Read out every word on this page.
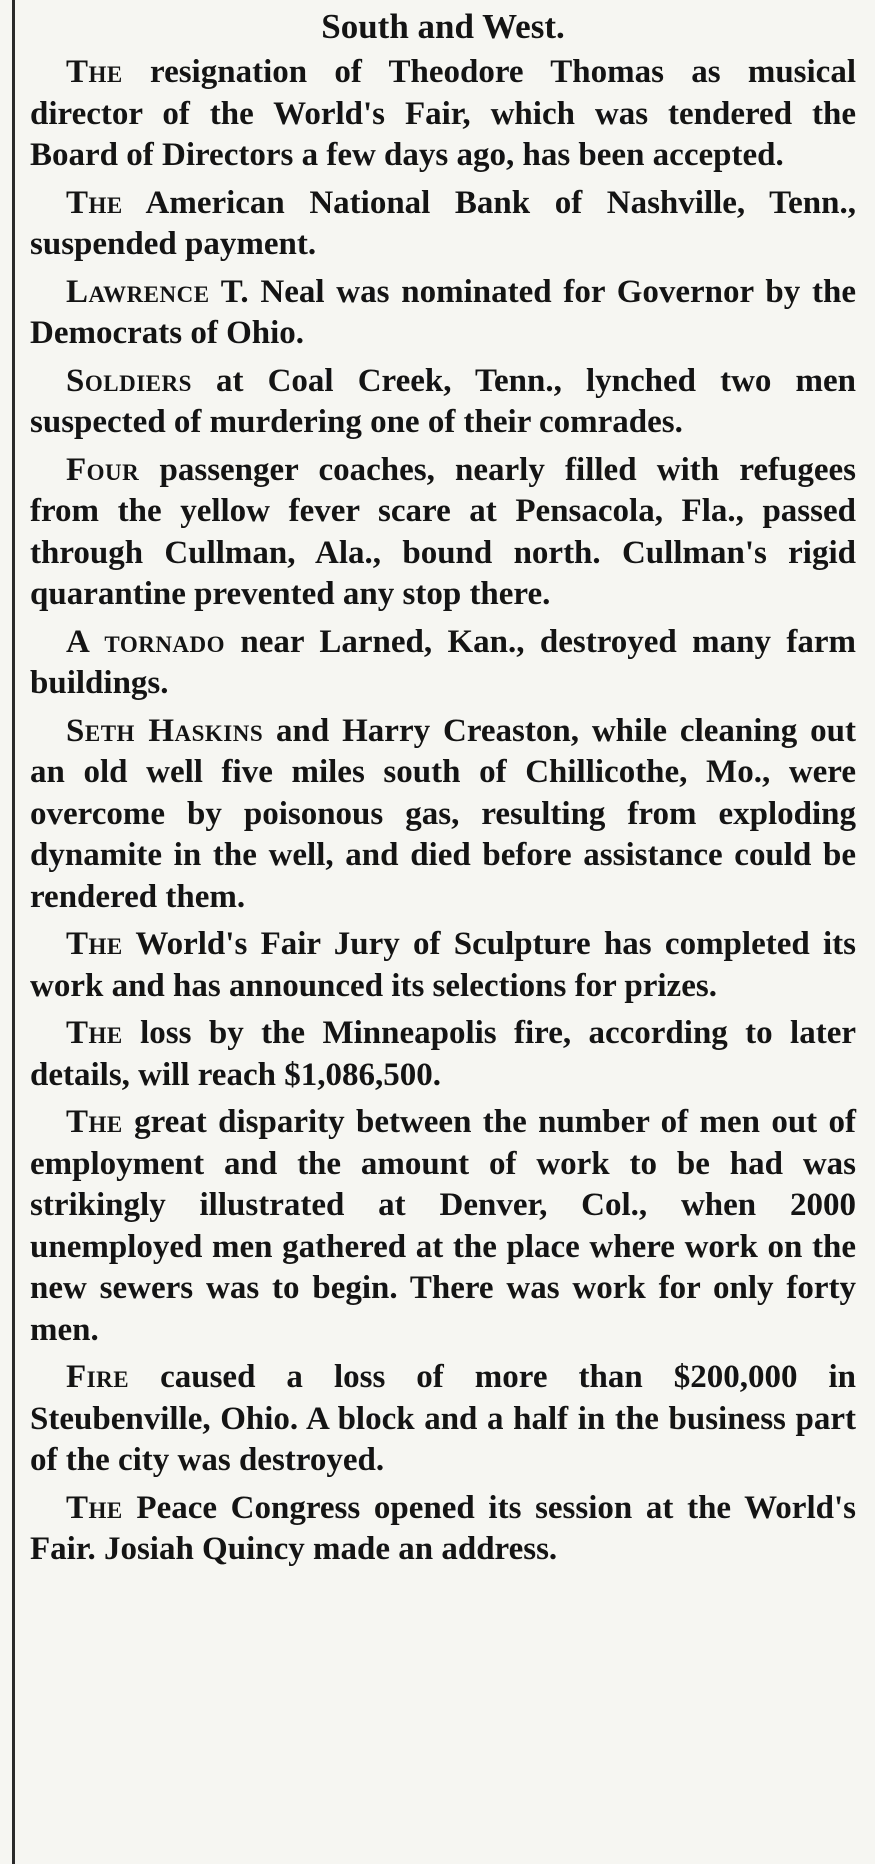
South and West.

The resignation of Theodore Thomas as musical director of the World's Fair, which was tendered the Board of Directors a few days ago, has been accepted.

The American National Bank of Nashville, Tenn., suspended payment.

Lawrence T. Neal was nominated for Governor by the Democrats of Ohio.

Soldiers at Coal Creek, Tenn., lynched two men suspected of murdering one of their comrades.

Four passenger coaches, nearly filled with refugees from the yellow fever scare at Pensacola, Fla., passed through Cullman, Ala., bound north. Cullman's rigid quarantine prevented any stop there.

A tornado near Larned, Kan., destroyed many farm buildings.

Seth Haskins and Harry Creaston, while cleaning out an old well five miles south of Chillicothe, Mo., were overcome by poisonous gas, resulting from exploding dynamite in the well, and died before assistance could be rendered them.

The World's Fair Jury of Sculpture has completed its work and has announced its selections for prizes.

The loss by the Minneapolis fire, according to later details, will reach $1,086,500.

The great disparity between the number of men out of employment and the amount of work to be had was strikingly illustrated at Denver, Col., when 2000 unemployed men gathered at the place where work on the new sewers was to begin. There was work for only forty men.

Fire caused a loss of more than $200,000 in Steubenville, Ohio. A block and a half in the business part of the city was destroyed.

The Peace Congress opened its session at the World's Fair. Josiah Quincy made an address.
